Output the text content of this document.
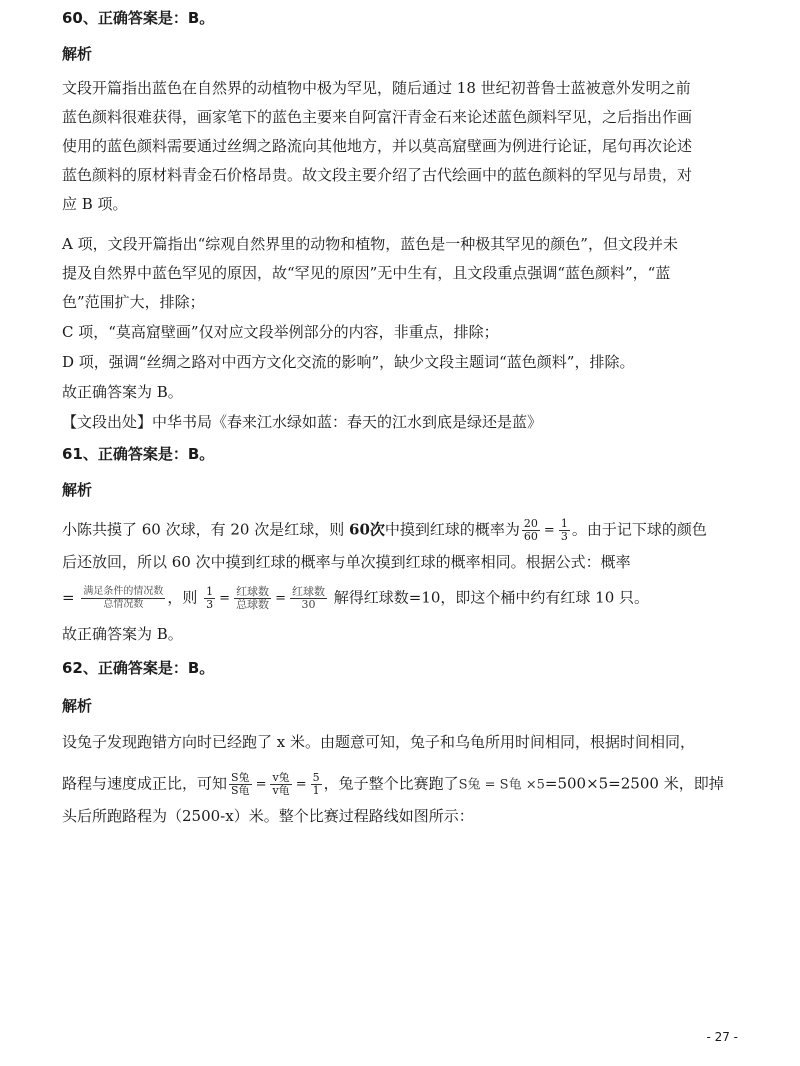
60、正确答案是：B。
解析
文段开篇指出蓝色在自然界的动植物中极为罕见，随后通过 18 世纪初普鲁士蓝被意外发明之前
蓝色颜料很难获得，画家笔下的蓝色主要来自阿富汗青金石来论述蓝色颜料罕见，之后指出作画
使用的蓝色颜料需要通过丝绸之路流向其他地方，并以莫高窟壁画为例进行论证，尾句再次论述
蓝色颜料的原材料青金石价格昂贵。故文段主要介绍了古代绘画中的蓝色颜料的罕见与昂贵，对
应 B 项。
A 项，文段开篇指出“综观自然界里的动物和植物，蓝色是一种极其罕见的颜色”，但文段并未
提及自然界中蓝色罕见的原因，故“罕见的原因”无中生有，且文段重点强调“蓝色颜料”，“蓝
色”范围扩大，排除；
C 项，“莫高窟壁画”仅对应文段举例部分的内容，非重点，排除；
D 项，强调“丝绸之路对中西方文化交流的影响”，缺少文段主题词“蓝色颜料”，排除。
故正确答案为 B。
【文段出处】中华书局《春来江水绿如蓝：春天的江水到底是绿还是蓝》
61、正确答案是：B。
解析
小陈共摸了 60 次球，有 20 次是红球，则 60次中摸到红球的概率为 $\frac{20}{60} = \frac{1}{3}$ 。由于记下球的颜色
后还放回，所以 60 次中摸到红球的概率与单次摸到红球的概率相同。根据公式：概率
= $\frac{\text{满足条件的情况数}}{\text{总情况数}}$ ，则 $\frac{1}{3} = \frac{\text{红球数}}{\text{总球数}} = \frac{\text{红球数}}{30}$ 解得红球数=10，即这个桶中约有红球 10 只。
故正确答案为 B。
62、正确答案是：B。
解析
设兔子发现跑错方向时已经跑了 x 米。由题意可知，兔子和乌龟所用时间相同，根据时间相同，
路程与速度成正比，可知 $\frac{\text{S兔}}{\text{S龟}} = \frac{\text{v兔}}{\text{v龟}} = \frac{5}{1}$ ，兔子整个比赛跑了S兔 = S龟 ×5=500×5=2500 米，即掉
头后所跑路程为（2500-x）米。整个比赛过程路线如图所示：
- 27 -
